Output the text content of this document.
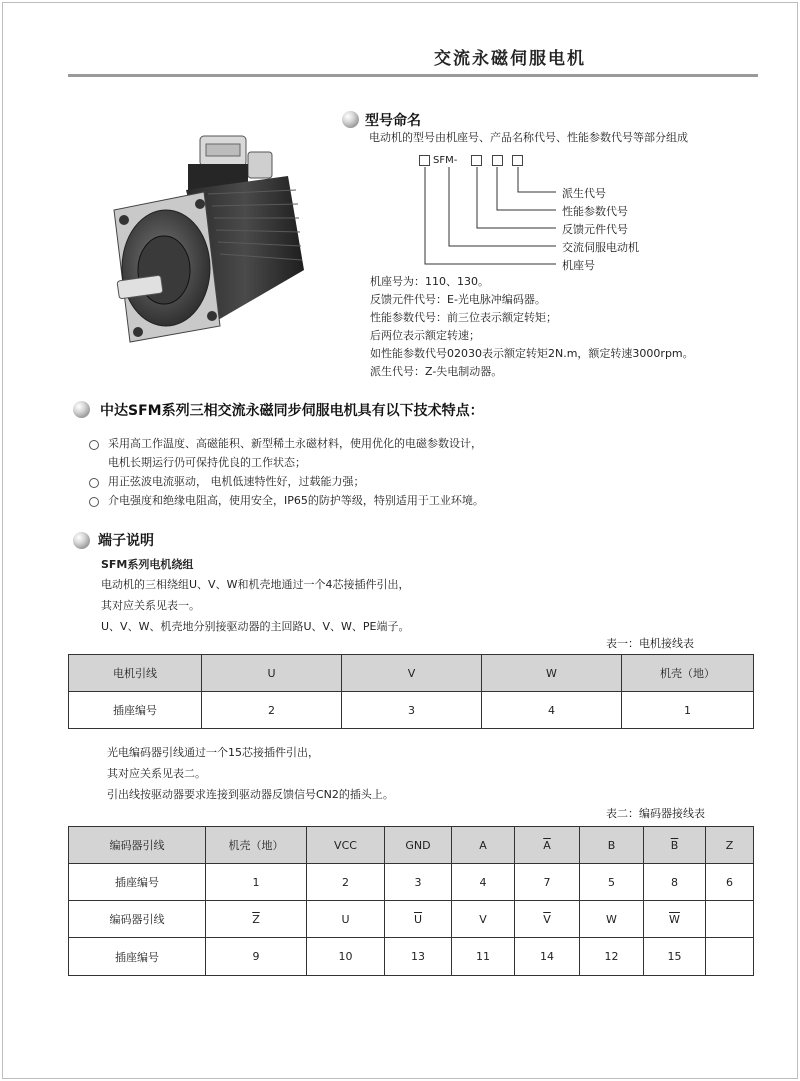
交流永磁伺服电机
型号命名
电动机的型号由机座号、产品名称代号、性能参数代号等部分组成
SFM-
派生代号
性能参数代号
反馈元件代号
交流伺服电动机
机座号
机座号为：110、130。
反馈元件代号：E-光电脉冲编码器。
性能参数代号：前三位表示额定转矩；
后两位表示额定转速；
如性能参数代号02030表示额定转矩2N.m，额定转速3000rpm。
派生代号：Z-失电制动器。
中达SFM系列三相交流永磁同步伺服电机具有以下技术特点：
采用高工作温度、高磁能积、新型稀土永磁材料，使用优化的电磁参数设计，
电机长期运行仍可保持优良的工作状态；
用正弦波电流驱动， 电机低速特性好，过载能力强；
介电强度和绝缘电阻高，使用安全，IP65的防护等级，特别适用于工业环境。
端子说明
SFM系列电机绕组
电动机的三相绕组U、V、W和机壳地通过一个4芯接插件引出，
其对应关系见表一。
U、V、W、机壳地分别接驱动器的主回路U、V、W、PE端子。
表一：电机接线表
电机引线	U	V	W	机壳（地）
插座编号	2	3	4	1
光电编码器引线通过一个15芯接插件引出，
其对应关系见表二。
引出线按驱动器要求连接到驱动器反馈信号CN2的插头上。
表二：编码器接线表
编码器引线	机壳（地）	VCC	GND	A	$\overline{A}$	B	$\overline{B}$	Z
插座编号	1	2	3	4	7	5	8	6
编码器引线	$\overline{Z}$	U	$\overline{U}$	V	$\overline{V}$	W	$\overline{W}$	
插座编号	9	10	13	11	14	12	15	
